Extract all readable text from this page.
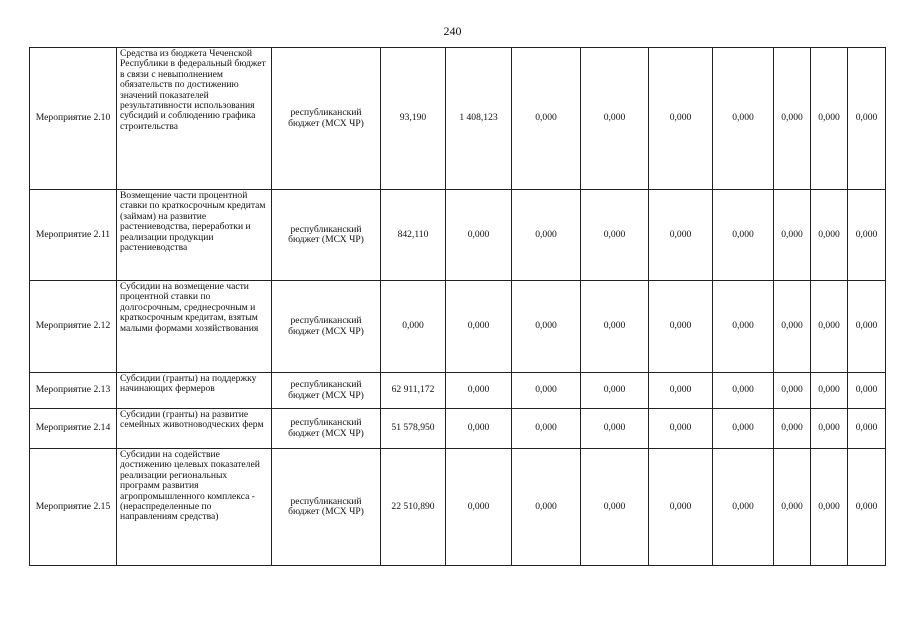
240
Мероприятие 2.10	Средства из бюджета Чеченской Республики в федеральный бюджет в связи с невыполнением обязательств по достижению значений показателей результативности использования субсидий и соблюдению графика строительства	республиканский бюджет (МСХ ЧР)	93,190	1 408,123	0,000	0,000	0,000	0,000	0,000	0,000	0,000
Мероприятие 2.11	Возмещение части процентной ставки по краткосрочным кредитам (займам) на развитие растениеводства, переработки и реализации продукции растениеводства	республиканский бюджет (МСХ ЧР)	842,110	0,000	0,000	0,000	0,000	0,000	0,000	0,000	0,000
Мероприятие 2.12	Субсидии на возмещение части процентной ставки по долгосрочным, среднесрочным и краткосрочным кредитам, взятым малыми формами хозяйствования	республиканский бюджет (МСХ ЧР)	0,000	0,000	0,000	0,000	0,000	0,000	0,000	0,000	0,000
Мероприятие 2.13	Субсидии (гранты) на поддержку начинающих фермеров	республиканский бюджет (МСХ ЧР)	62 911,172	0,000	0,000	0,000	0,000	0,000	0,000	0,000	0,000
Мероприятие 2.14	Субсидии (гранты) на развитие семейных животноводческих ферм	республиканский бюджет (МСХ ЧР)	51 578,950	0,000	0,000	0,000	0,000	0,000	0,000	0,000	0,000
Мероприятие 2.15	Субсидии на содействие достижению целевых показателей реализации региональных программ развития агропромышленного комплекса - (нераспределенные по направлениям средства)	республиканский бюджет (МСХ ЧР)	22 510,890	0,000	0,000	0,000	0,000	0,000	0,000	0,000	0,000
